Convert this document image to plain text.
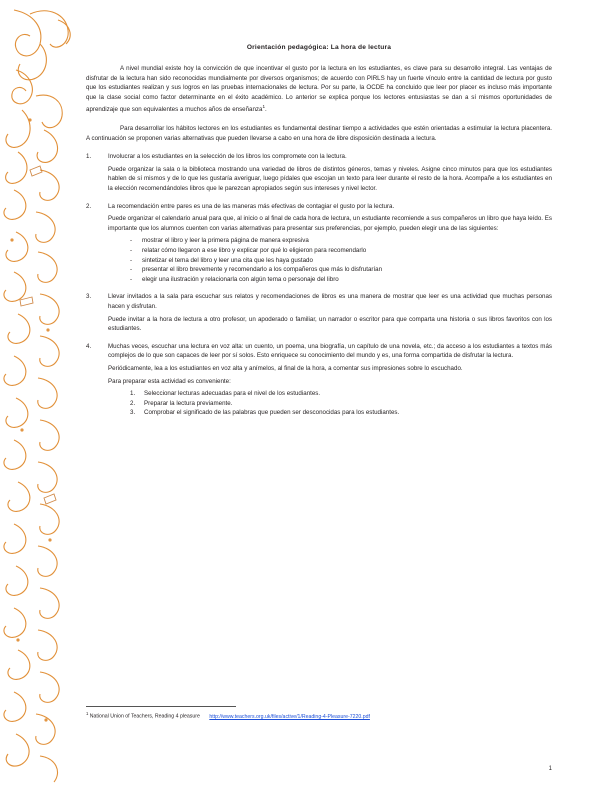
Orientación pedagógica: La hora de lectura

A nivel mundial existe hoy la convicción de que incentivar el gusto por la lectura en los estudiantes, es clave para su desarrollo integral. Las ventajas de disfrutar de la lectura han sido reconocidas mundialmente por diversos organismos; de acuerdo con PIRLS hay un fuerte vínculo entre la cantidad de lectura por gusto que los estudiantes realizan y sus logros en las pruebas internacionales de lectura. Por su parte, la OCDE ha concluido que leer por placer es incluso más importante que la clase social como factor determinante en el éxito académico. Lo anterior se explica porque los lectores entusiastas se dan a sí mismos oportunidades de aprendizaje que son equivalentes a muchos años de enseñanza$^1$.

Para desarrollar los hábitos lectores en los estudiantes es fundamental destinar tiempo a actividades que estén orientadas a estimular la lectura placentera. A continuación se proponen varias alternativas que pueden llevarse a cabo en una hora de libre disposición destinada a lectura.

1.	Involucrar a los estudiantes en la selección de los libros los compromete con la lectura.

Puede organizar la sala o la biblioteca mostrando una variedad de libros de distintos géneros, temas y niveles. Asigne cinco minutos para que los estudiantes hablen de sí mismos y de lo que les gustaría averiguar, luego pídales que escojan un texto para leer durante el resto de la hora. Acompañe a los estudiantes en la elección recomendándoles libros que le parezcan apropiados según sus intereses y nivel lector.

2.	La recomendación entre pares es una de las maneras más efectivas de contagiar el gusto por la lectura.

Puede organizar el calendario anual para que, al inicio o al final de cada hora de lectura, un estudiante recomiende a sus compañeros un libro que haya leído. Es importante que los alumnos cuenten con varias alternativas para presentar sus preferencias, por ejemplo, pueden elegir una de las siguientes:

- mostrar el libro y leer la primera página de manera expresiva
- relatar cómo llegaron a ese libro y explicar por qué lo eligieron para recomendarlo
- sintetizar el tema del libro y leer una cita que les haya gustado
- presentar el libro brevemente y recomendarlo a los compañeros que más lo disfrutarían
- elegir una ilustración y relacionarla con algún tema o personaje del libro
3.	Llevar invitados a la sala para escuchar sus relatos y recomendaciones de libros es una manera de mostrar que leer es una actividad que muchas personas hacen y disfrutan.

Puede invitar a la hora de lectura a otro profesor, un apoderado o familiar, un narrador o escritor para que comparta una historia o sus libros favoritos con los estudiantes.

4.	Muchas veces, escuchar una lectura en voz alta: un cuento, un poema, una biografía, un capítulo de una novela, etc.; da acceso a los estudiantes a textos más complejos de lo que son capaces de leer por sí solos. Esto enriquece su conocimiento del mundo y es, una forma compartida de disfrutar la lectura.

Periódicamente, lea a los estudiantes en voz alta y anímelos, al final de la hora, a comentar sus impresiones sobre lo escuchado.

Para preparar esta actividad es conveniente:

1. Seleccionar lecturas adecuadas para el nivel de los estudiantes.
2. Preparar la lectura previamente.
3. Comprobar el significado de las palabras que pueden ser desconocidas para los estudiantes.
$^1$ National Union of Teachers, Reading 4 pleasure http://www.teachers.org.uk/files/active/1/Reading-4-Pleasure-7220.pdf
1
